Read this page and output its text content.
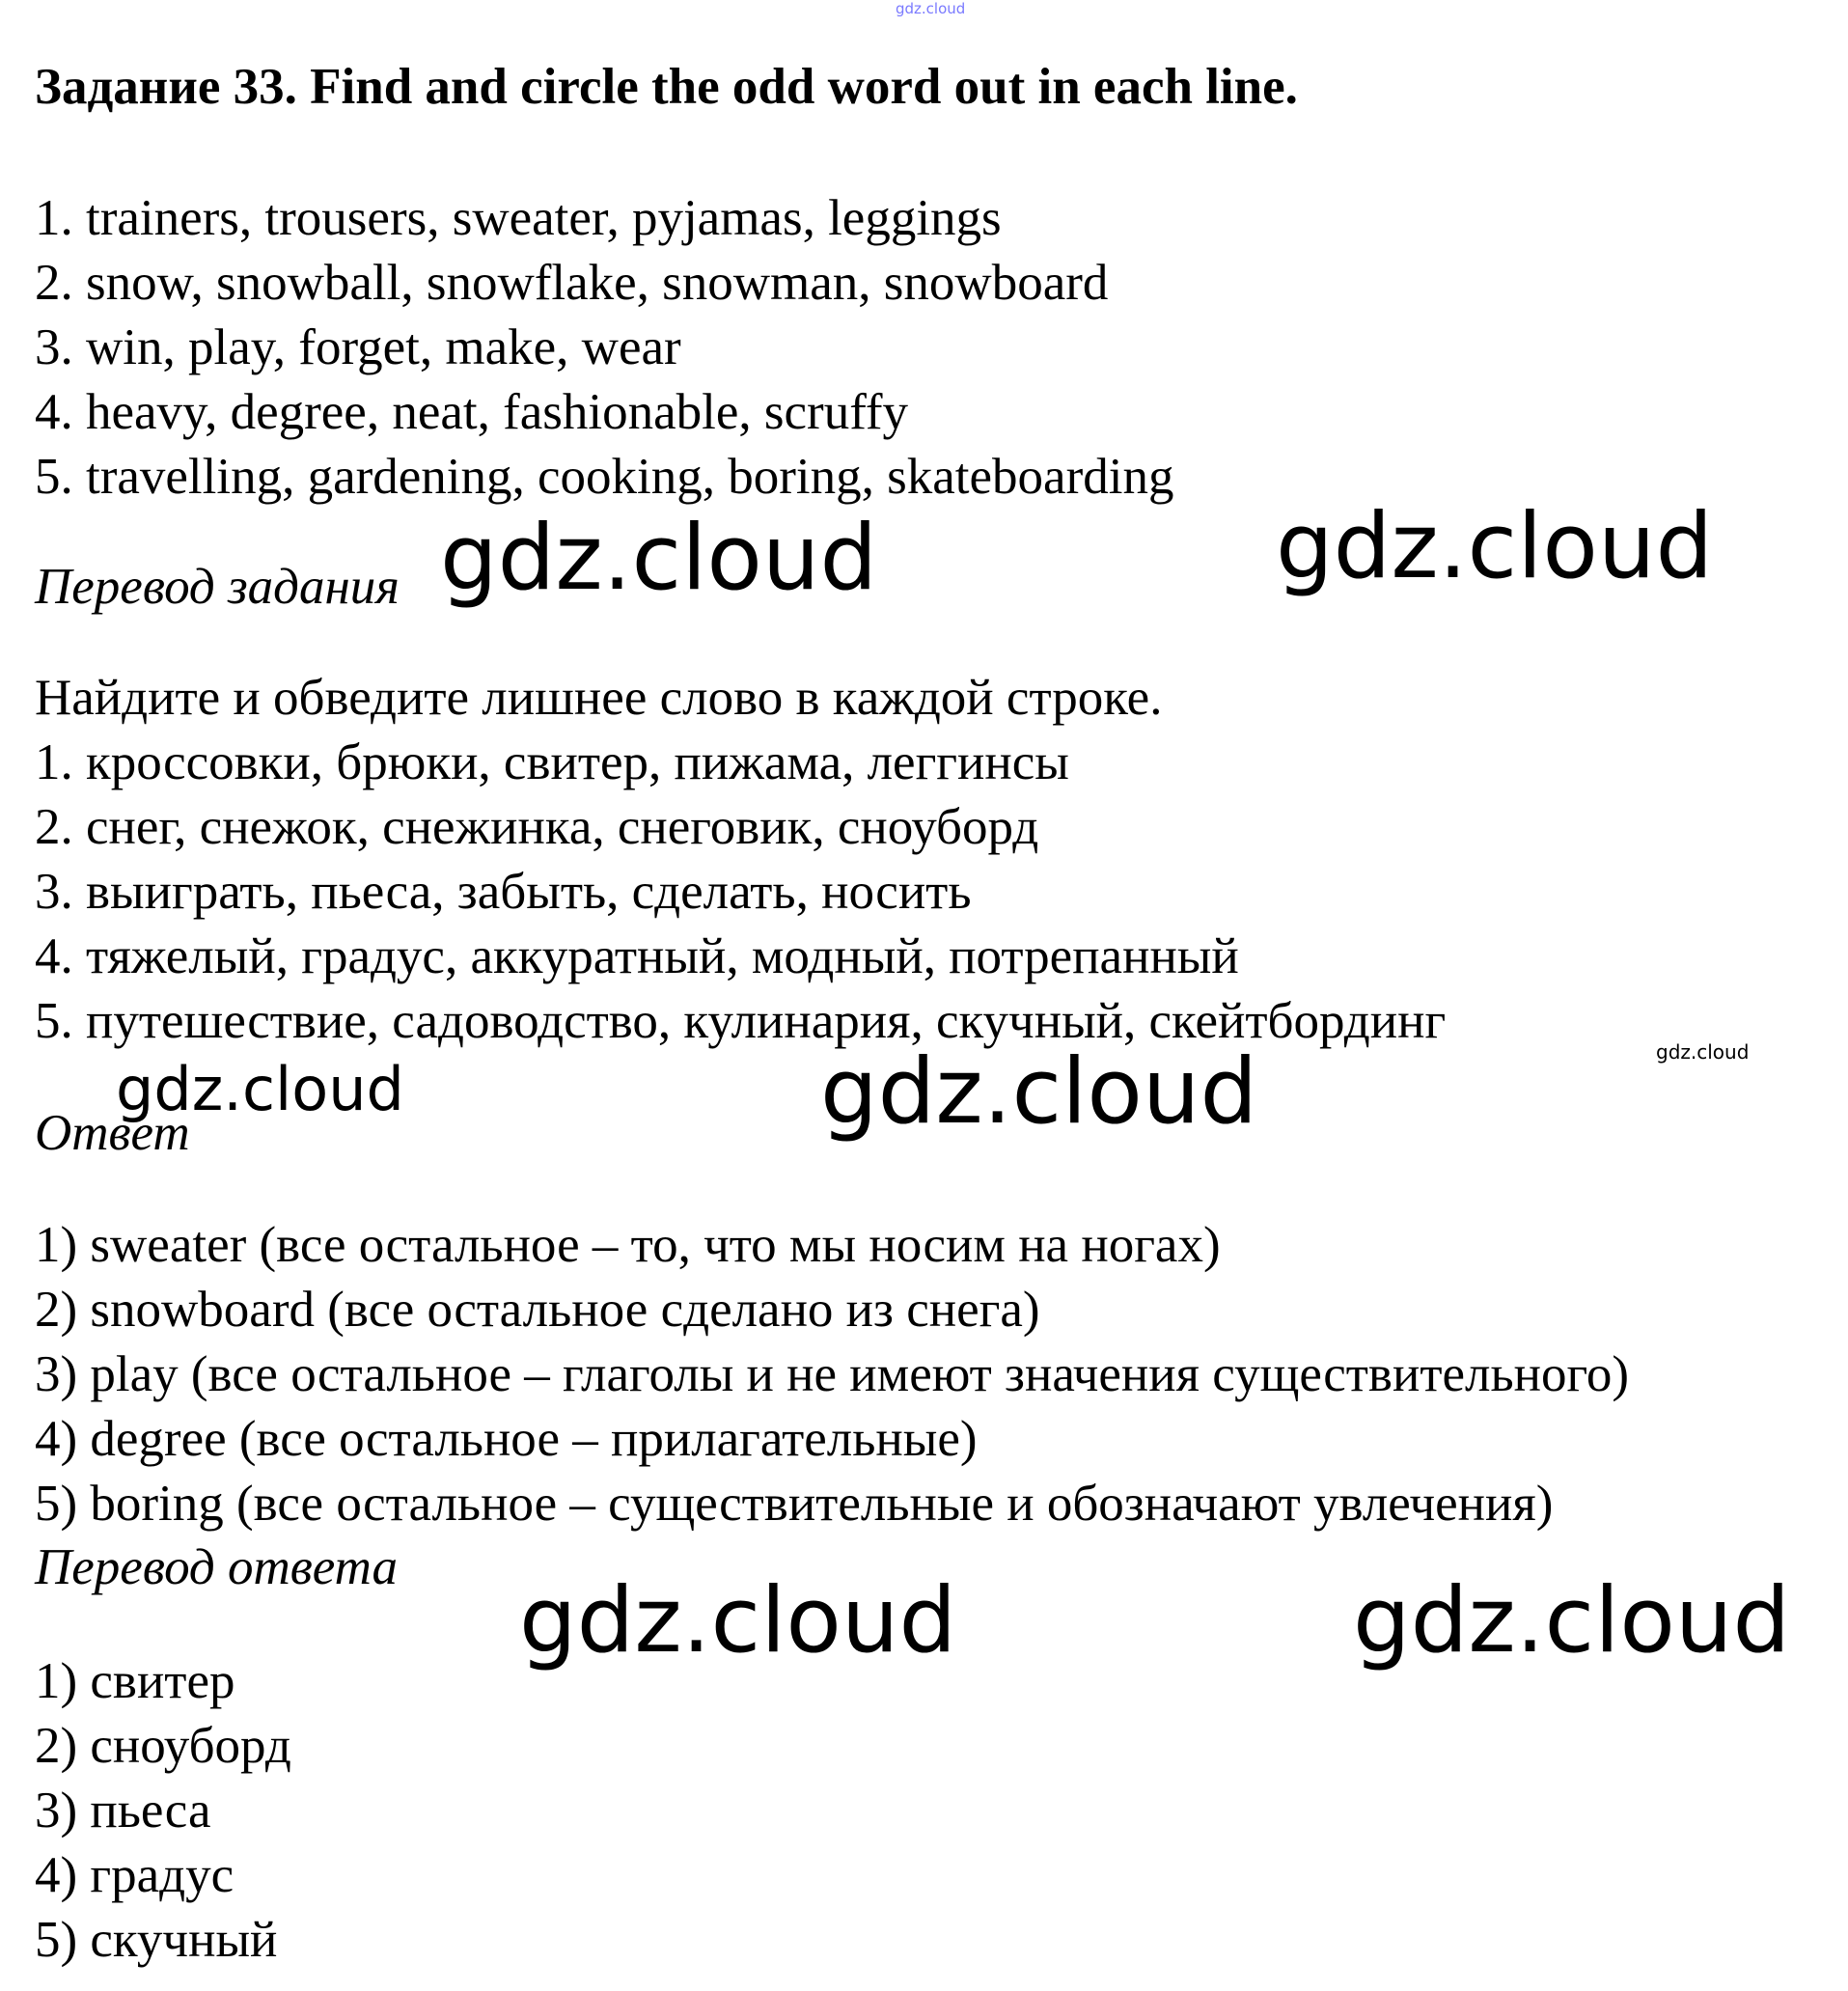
gdz.cloud
Задание 33. Find and circle the odd word out in each line.
1. trainers, trousers, sweater, pyjamas, leggings
2. snow, snowball, snowflake, snowman, snowboard
3. win, play, forget, make, wear
4. heavy, degree, neat, fashionable, scruffy
5. travelling, gardening, cooking, boring, skateboarding
Перевод задания gdz.cloud	gdz.cloud
Найдите и обведите лишнее слово в каждой строке.
1. кроссовки, брюки, свитер, пижама, леггинсы
2. снег, снежок, снежинка, снеговик, сноуборд
3. выиграть, пьеса, забыть, сделать, носить
4. тяжелый, градус, аккуратный, модный, потрепанный
5. путешествие, садоводство, кулинария, скучный, скейтбординг
gdz.cloud
gdz.cloud	gdz.cloud
Ответ
1) sweater (все остальное – то, что мы носим на ногах)
2) snowboard (все остальное сделано из снега)
3) play (все остальное – глаголы и не имеют значения существительного)
4) degree (все остальное – прилагательные)
5) boring (все остальное – существительные и обозначают увлечения)
Перевод ответа
gdz.cloud	gdz.cloud
1) свитер
2) сноуборд
3) пьеса
4) градус
5) скучный
